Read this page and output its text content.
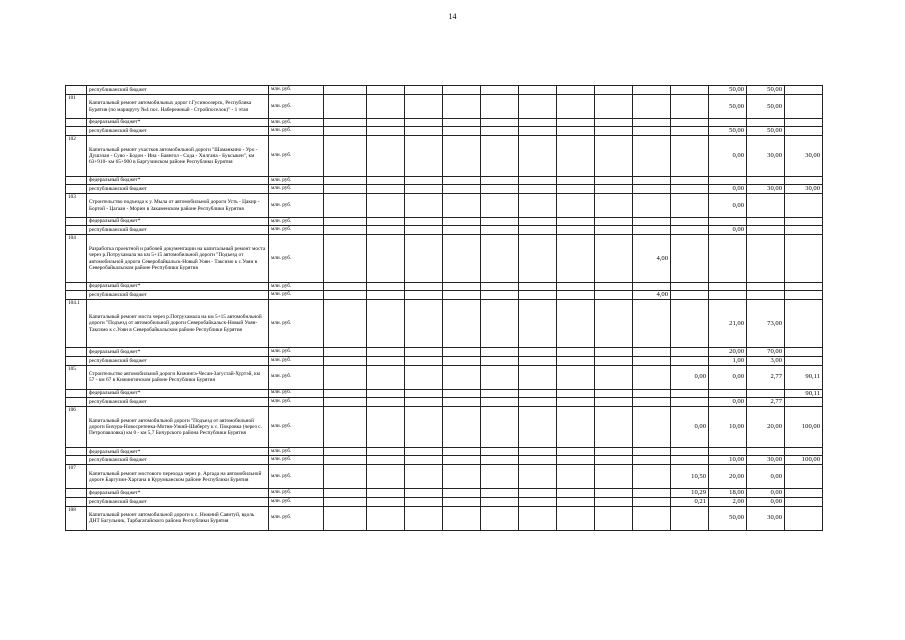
14
	республиканский бюджет	млн. руб.											50,00	50,00	
101	Капитальный ремонт автомобильных дорог г.Гусиноозерск, Республика Бурятия (по маршруту №4 пос. Набережный - Стройпоселок)" - 1 этап	млн. руб.											50,00	50,00	
	федеральный бюджет*	млн. руб.													
	республиканский бюджет	млн. руб.											50,00	50,00	
102	Капитальный ремонт участков автомобильной дороги "Шаманкино - Уро - Душэлан - Суво - Бодон - Ина - Баянгол - Сода - Хилгана - Буксыкен", км 63+910- км 65+900 в Баргузинском районе Республики Бурятия	млн. руб.											0,00	30,00	30,00
	федеральный бюджет*	млн. руб.													
	республиканский бюджет	млн. руб.											0,00	30,00	30,00
103	Строительство подъезда к у. Мыла от автомобильной дороги Усть - Цакир - Бортой - Цагаан - Морин в Закаменском районе Республики Бурятия	млн. руб.											0,00		
	федеральный бюджет*	млн. руб.													
	республиканский бюджет	млн. руб.											0,00		
104	Разработка проектной и рабочей документации на капитальный ремонт моста через р.Потрухамала на км 5+15 автомобильной дороги "Подъезд от автомобильной дороги Северобайкальск-Новый Уоян - Таксимо к с.Уоян в Северобайкальском районе Республики Бурятия	млн. руб.									4,00				
	федеральный бюджет*	млн. руб.													
	республиканский бюджет	млн. руб.									4,00				
104.1	Капитальный ремонт моста через р.Потрухамала на км 5+15 автомобильной дороги "Подъезд от автомобильной дороги Северобайкальск-Новый Уоян-Таксимо к с.Уоян в Северобайкальском районе Республики Бурятия	млн. руб.											21,00	73,00	
	федеральный бюджет*	млн. руб.											20,00	70,00	
	республиканский бюджет	млн. руб.											1,00	3,00	
105	Строительство автомобильной дороги Кижинга-Чесан-Загустай-Хуртэй, км 57 - км 67 в Кижингинском районе Республики Бурятия	млн. руб.										0,00	0,00	2,77	90,11
	федеральный бюджет*	млн. руб.													90,11
	республиканский бюджет	млн. руб.											0,00	2,77	
106	Капитальный ремонт автомобильной дороги "Подъезд от автомобильной дороги Бичура-Новосретенка-Мотня-Узкий-Шиберту к с. Покровка (через с. Петропавловка) км 0 - км 5,7 Бичурского района Республики Бурятия	млн. руб.										0,00	10,00	20,00	100,00
	федеральный бюджет*	млн. руб.													
	республиканский бюджет	млн. руб.											10,00	30,00	100,00
107	Капитальный ремонт мостового перехода через р. Аргада на автомобильной дороге Баргузин-Харгана в Курумканском районе Республики Бурятия	млн. руб.										10,50	20,00	0,00	
	федеральный бюджет*	млн. руб.										10,29	18,00	0,00	
	республиканский бюджет	млн. руб.										0,21	2,00	0,00	
108	Капитальный ремонт автомобильной дороги к с. Нижний Саянтуй, вдоль ДНТ Багульник, Тарбагатайского района Республики Бурятия	млн. руб.											50,00	30,00	
